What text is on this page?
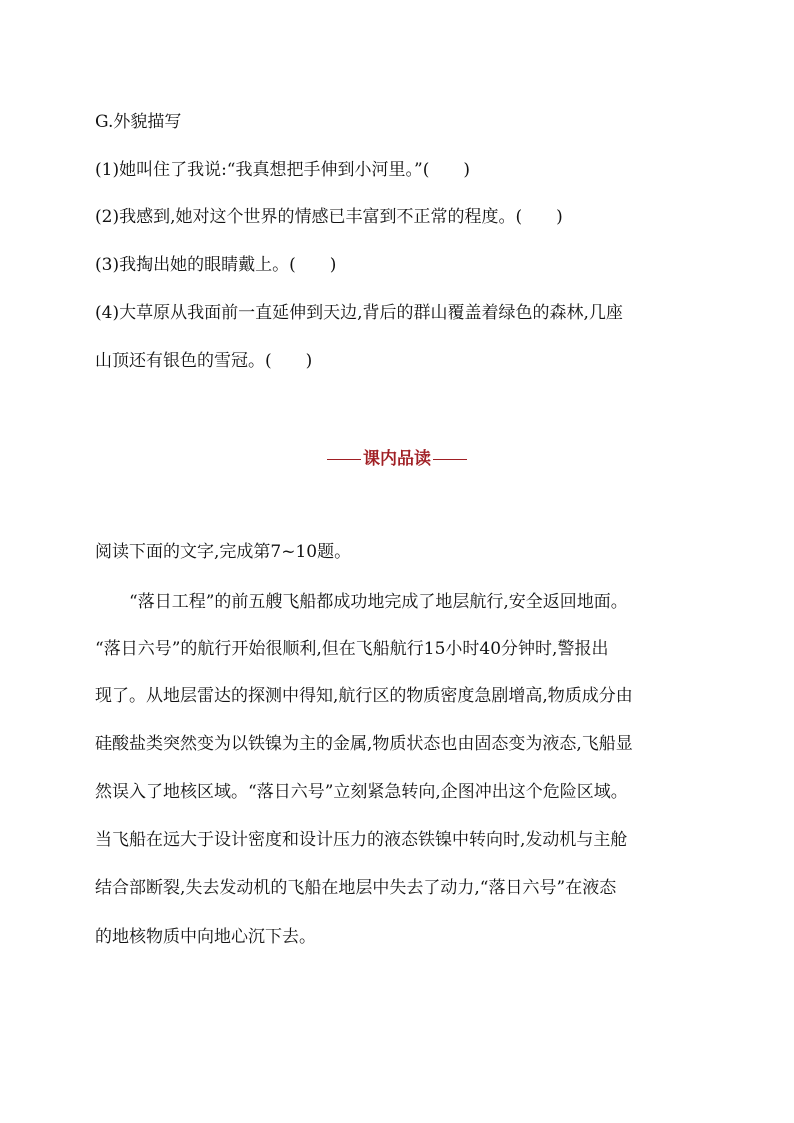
G.外貌描写
(1)她叫住了我说:“我真想把手伸到小河里。”(　　)
(2)我感到,她对这个世界的情感已丰富到不正常的程度。(　　)
(3)我掏出她的眼睛戴上。(　　)
(4)大草原从我面前一直延伸到天边,背后的群山覆盖着绿色的森林,几座
山顶还有银色的雪冠。(　　)
课内品读
阅读下面的文字,完成第7~10题。
　　“落日工程”的前五艘飞船都成功地完成了地层航行,安全返回地面。
“落日六号”的航行开始很顺利,但在飞船航行15小时40分钟时,警报出
现了。从地层雷达的探测中得知,航行区的物质密度急剧增高,物质成分由
硅酸盐类突然变为以铁镍为主的金属,物质状态也由固态变为液态,飞船显
然误入了地核区域。“落日六号”立刻紧急转向,企图冲出这个危险区域。
当飞船在远大于设计密度和设计压力的液态铁镍中转向时,发动机与主舱
结合部断裂,失去发动机的飞船在地层中失去了动力,“落日六号”在液态
的地核物质中向地心沉下去。
